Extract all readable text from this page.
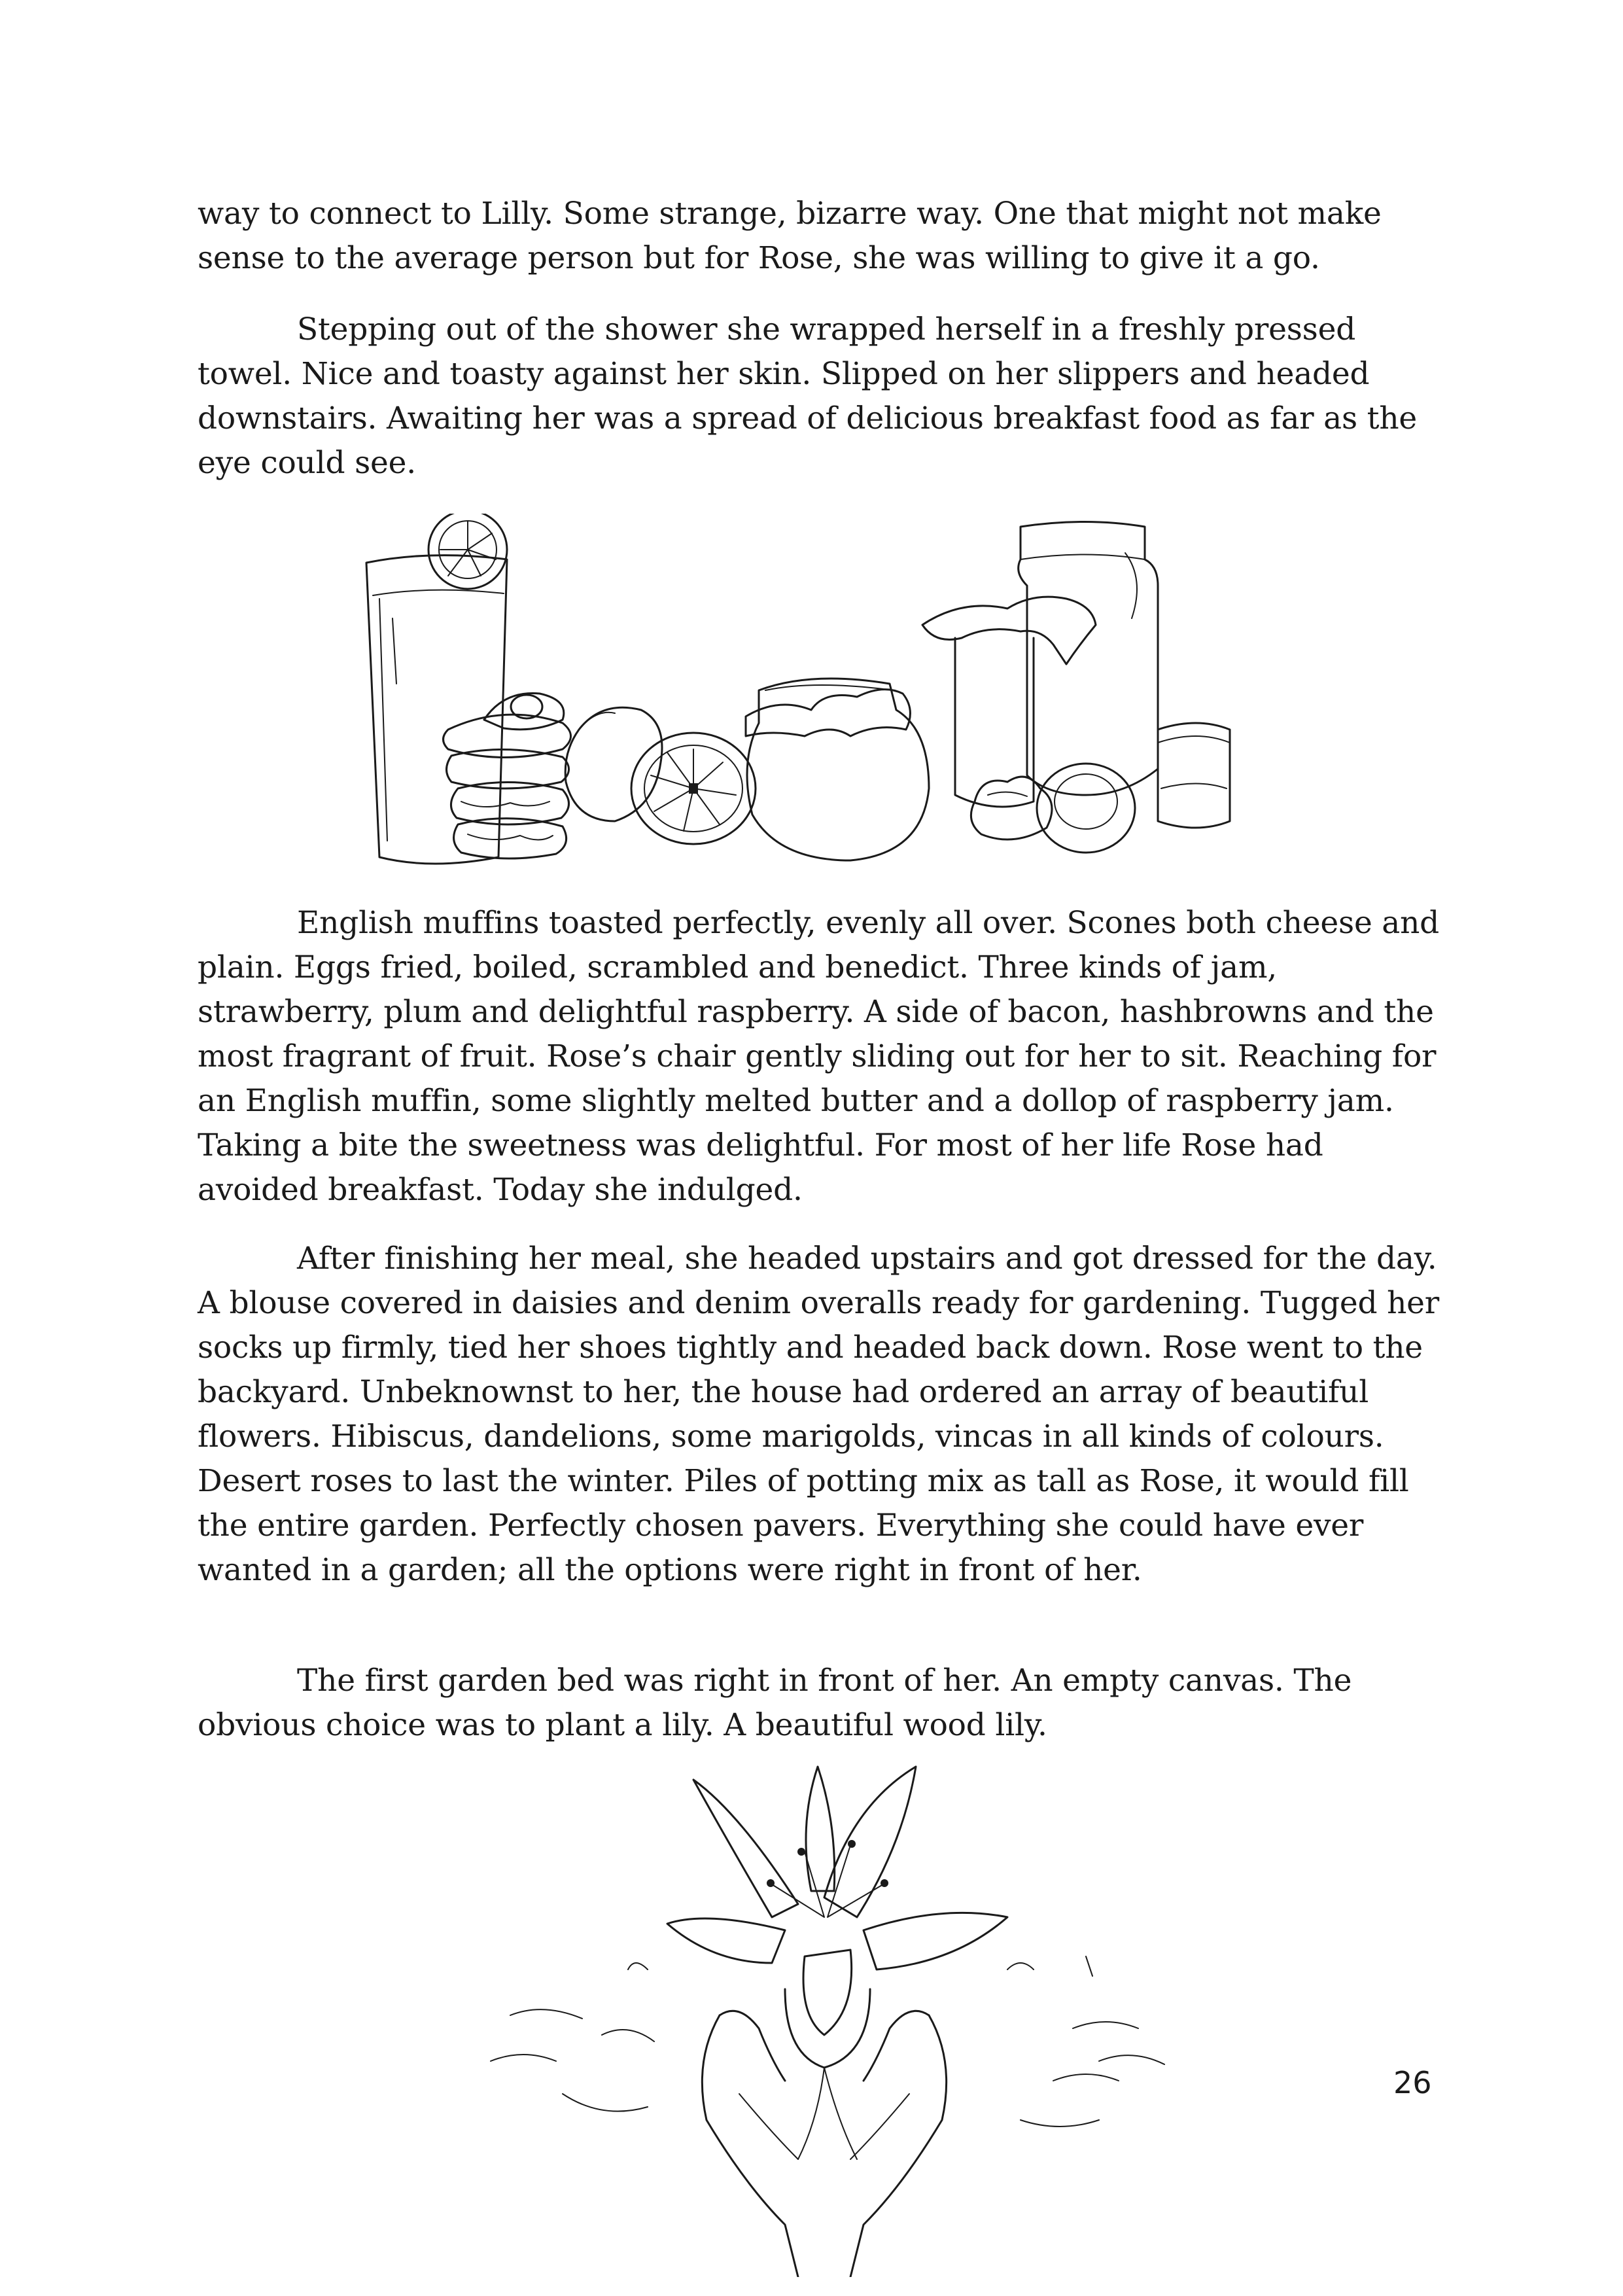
way to connect to Lilly. Some strange, bizarre way. One that might not make sense to the average person but for Rose, she was willing to give it a go.

Stepping out of the shower she wrapped herself in a freshly pressed towel. Nice and toasty against her skin. Slipped on her slippers and headed downstairs. Awaiting her was a spread of delicious breakfast food as far as the eye could see.

English muffins toasted perfectly, evenly all over. Scones both cheese and plain. Eggs fried, boiled, scrambled and benedict. Three kinds of jam, strawberry, plum and delightful raspberry. A side of bacon, hashbrowns and the most fragrant of fruit. Rose’s chair gently sliding out for her to sit. Reaching for an English muffin, some slightly melted butter and a dollop of raspberry jam. Taking a bite the sweetness was delightful. For most of her life Rose had avoided breakfast. Today she indulged.

After finishing her meal, she headed upstairs and got dressed for the day. A blouse covered in daisies and denim overalls ready for gardening. Tugged her socks up firmly, tied her shoes tightly and headed back down. Rose went to the backyard. Unbeknownst to her, the house had ordered an array of beautiful flowers. Hibiscus, dandelions, some marigolds, vincas in all kinds of colours. Desert roses to last the winter. Piles of potting mix as tall as Rose, it would fill the entire garden. Perfectly chosen pavers. Everything she could have ever wanted in a garden; all the options were right in front of her.

The first garden bed was right in front of her. An empty canvas. The obvious choice was to plant a lily. A beautiful wood lily.

26
